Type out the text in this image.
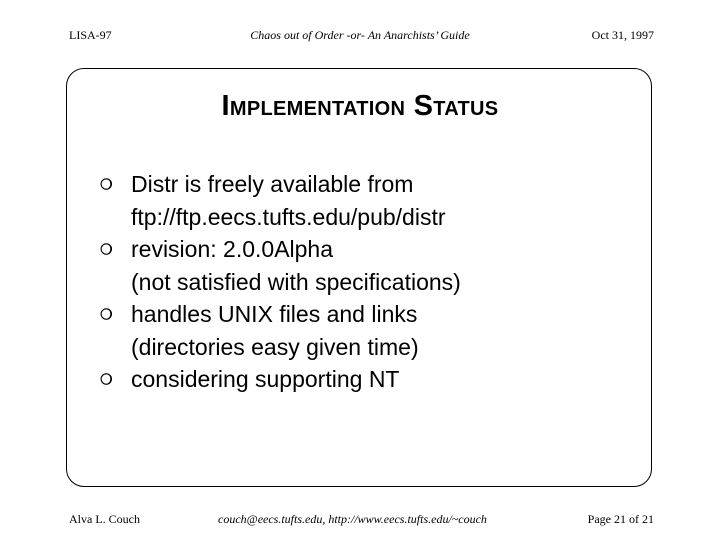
LISA-97	Chaos out of Order -or- An Anarchists’ Guide	Oct 31, 1997
Implementation Status
Distr is freely available from
ftp://ftp.eecs.tufts.edu/pub/distr
revision: 2.0.0Alpha
(not satisfied with specifications)
handles UNIX files and links
(directories easy given time)
considering supporting NT
Alva L. Couch	couch@eecs.tufts.edu, http://www.eecs.tufts.edu/~couch	Page 21 of 21
